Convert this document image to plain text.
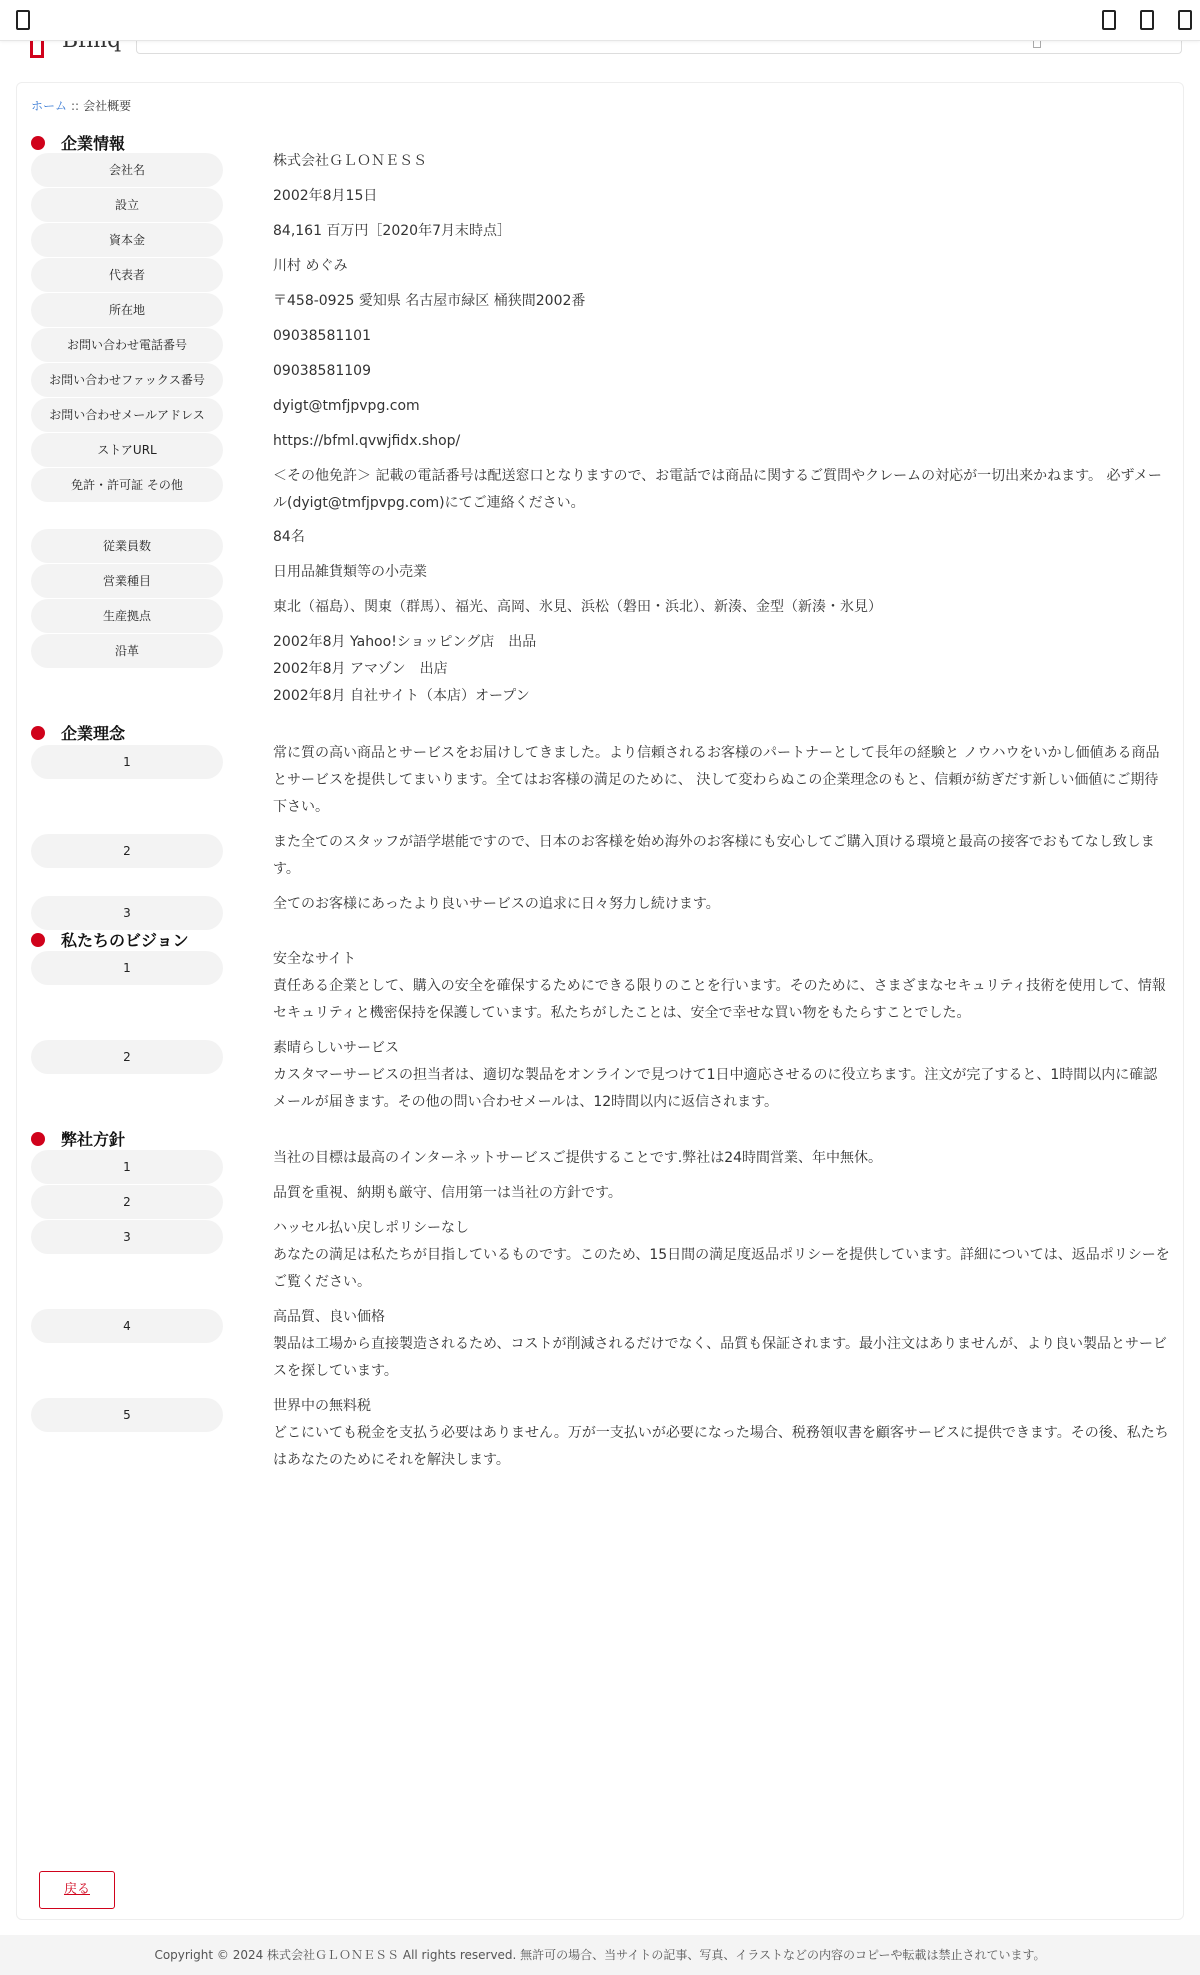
ホーム :: 会社概要
企業情報
会社名
株式会社ＧＬＯＮＥＳＳ
設立
2002年8月15日
資本金
84,161 百万円［2020年7月末時点］
代表者
川村 めぐみ
所在地
〒458-0925 愛知県 名古屋市緑区 桶狭間2002番
お問い合わせ電話番号
09038581101
お問い合わせファックス番号
09038581109
お問い合わせメールアドレス
dyigt@tmfjpvpg.com
ストアURL
https://bfml.qvwjfidx.shop/
免許・許可証 その他
＜その他免許＞ 記載の電話番号は配送窓口となりますので、お電話では商品に関するご質問やクレームの対応が一切出来かねます。 必ずメー
ル(dyigt@tmfjpvpg.com)にてご連絡ください。
従業員数
84名
営業種目
日用品雑貨類等の小売業
生産拠点
東北（福島）、関東（群馬）、福光、高岡、氷見、浜松（磐田・浜北）、新湊、金型（新湊・氷見）
沿革
2002年8月 Yahoo!ショッピング店　出品
2002年8月 アマゾン　出店
2002年8月 自社サイト（本店）オープン
企業理念
1
常に質の高い商品とサービスをお届けしてきました。より信頼されるお客様のパートナーとして長年の経験と ノウハウをいかし価値ある商品
とサービスを提供してまいります。全てはお客様の満足のために、 決して変わらぬこの企業理念のもと、信頼が紡ぎだす新しい価値にご期待
下さい。
2
また全てのスタッフが語学堪能ですので、日本のお客様を始め海外のお客様にも安心してご購入頂ける環境と最高の接客でおもてなし致しま
す。
3
全てのお客様にあったより良いサービスの追求に日々努力し続けます。
私たちのビジョン
1
安全なサイト
責任ある企業として、購入の安全を確保するためにできる限りのことを行います。そのために、さまざまなセキュリティ技術を使用して、情報
セキュリティと機密保持を保護しています。私たちがしたことは、安全で幸せな買い物をもたらすことでした。
2
素晴らしいサービス
カスタマーサービスの担当者は、適切な製品をオンラインで見つけて1日中適応させるのに役立ちます。注文が完了すると、1時間以内に確認
メールが届きます。その他の問い合わせメールは、12時間以内に返信されます。
弊社方針
1
当社の目標は最高のインターネットサービスご提供することです.弊社は24時間営業、年中無休。
2
品質を重視、納期も厳守、信用第一は当社の方針です。
3
ハッセル払い戻しポリシーなし
あなたの満足は私たちが目指しているものです。このため、15日間の満足度返品ポリシーを提供しています。詳細については、返品ポリシーを
ご覧ください。
4
高品質、良い価格
製品は工場から直接製造されるため、コストが削減されるだけでなく、品質も保証されます。最小注文はありませんが、より良い製品とサービ
スを探しています。
5
世界中の無料税
どこにいても税金を支払う必要はありません。万が一支払いが必要になった場合、税務領収書を顧客サービスに提供できます。その後、私たち
はあなたのためにそれを解決します。
戻る
Copyright © 2024 株式会社ＧＬＯＮＥＳＳ All rights reserved. 無許可の場合、当サイトの記事、写真、イラストなどの内容のコピーや転載は禁止されています。
